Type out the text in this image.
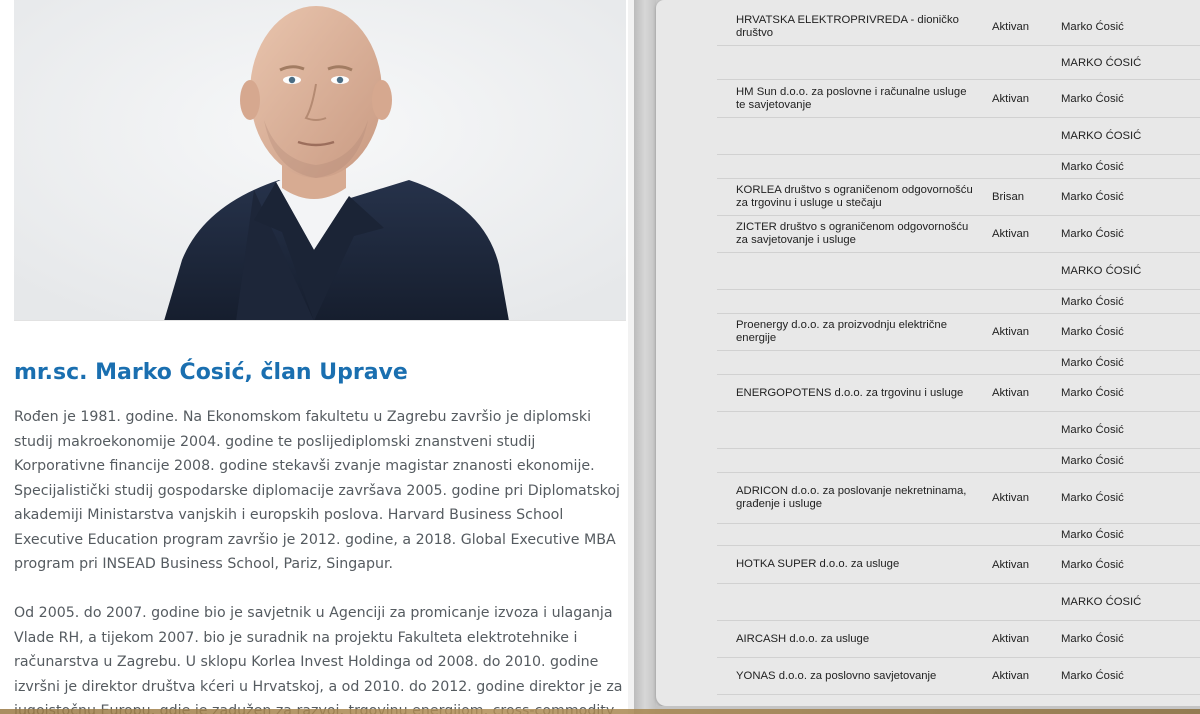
mr.sc. Marko Ćosić, član Uprave

Rođen je 1981. godine. Na Ekonomskom fakultetu u Zagrebu završio je diplomski
studij makroekonomije 2004. godine te poslijediplomski znanstveni studij
Korporativne financije 2008. godine stekavši zvanje magistar znanosti ekonomije.
Specijalistički studij gospodarske diplomacije završava 2005. godine pri Diplomatskoj
akademiji Ministarstva vanjskih i europskih poslova. Harvard Business School
Executive Education program završio je 2012. godine, a 2018. Global Executive MBA
program pri INSEAD Business School, Pariz, Singapur.

Od 2005. do 2007. godine bio je savjetnik u Agenciji za promicanje izvoza i ulaganja
Vlade RH, a tijekom 2007. bio je suradnik na projektu Fakulteta elektrotehnike i
računarstva u Zagrebu. U sklopu Korlea Invest Holdinga od 2008. do 2010. godine
izvršni je direktor društva kćeri u Hrvatskoj, a od 2010. do 2012. godine direktor je za

HRVATSKA ELEKTROPRIVREDA - dioničko društvo	Aktivan	Marko Ćosić
MARKO ĆOSIĆ
HM Sun d.o.o. za poslovne i računalne usluge te savjetovanje	Aktivan	Marko Ćosić
MARKO ĆOSIĆ
Marko Ćosić
KORLEA društvo s ograničenom odgovornošću za trgovinu i usluge u stečaju	Brisan	Marko Ćosić
ZICTER društvo s ograničenom odgovornošću za savjetovanje i usluge	Aktivan	Marko Ćosić
MARKO ĆOSIĆ
Marko Ćosić
Proenergy d.o.o. za proizvodnju električne energije	Aktivan	Marko Ćosić
Marko Ćosić
ENERGOPOTENS d.o.o. za trgovinu i usluge	Aktivan	Marko Ćosić
Marko Ćosić
Marko Ćosić
ADRICON d.o.o. za poslovanje nekretninama, građenje i usluge	Aktivan	Marko Ćosić
Marko Ćosić
HOTKA SUPER d.o.o. za usluge	Aktivan	Marko Ćosić
MARKO ĆOSIĆ
AIRCASH d.o.o. za usluge	Aktivan	Marko Ćosić
YONAS d.o.o. za poslovno savjetovanje	Aktivan	Marko Ćosić
